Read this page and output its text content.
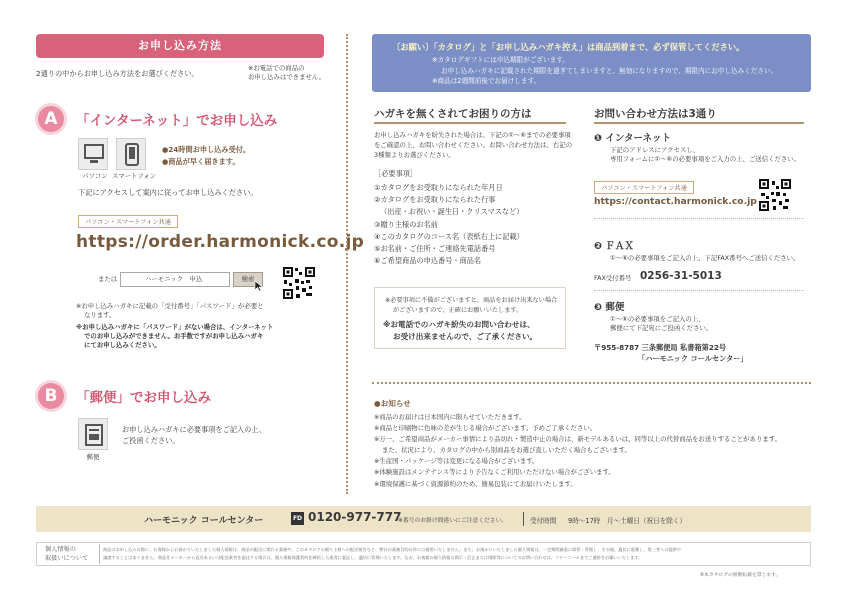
お申し込み方法
2通りの中からお申し込み方法をお選びください。
※お電話での商品の
お申し込みはできません。
A	「インターネット」でお申し込み
パソコン スマートフォン
●24時間お申し込み受付。
●商品が早く届きます。
下記にアクセスして案内に従ってお申し込みください。
パソコン・スマートフォン共通
https://order.harmonick.co.jp
または	ハーモニック　申込	検索
※お申し込みハガキに記載の「受付番号」「パスワード」が必要と
なります。
※お申し込みハガキに「パスワード」がない場合は、インターネット
でのお申し込みができません。お手数ですがお申し込みハガキ
にてお申し込みください。
B	「郵便」でお申し込み
郵便
お申し込みハガキに必要事項をご記入の上、
ご投函ください。
〔お願い〕「カタログ」と「お申し込みハガキ控え」は商品到着まで、必ず保管してください。
※カタログギフトには申込期限がございます。
お申し込みハガキに記載された期限を過ぎてしまいますと、無効になりますので、期限内にお申し込みください。
※商品は2週間前後でお届けします。
ハガキを無くされてお困りの方は
お申し込みハガキを紛失された場合は、下記の①～⑥までの必要事項
をご確認の上、お問い合わせください。お問い合わせ方法は、右記の
3種類よりお選びください。
［必要事項］
①カタログをお受取りになられた年月日
②カタログをお受取りになられた行事
（出産・お祝い・誕生日・クリスマスなど）
③贈り主様のお名前
④このカタログのコース名（表紙右上に記載）
⑤お名前・ご住所・ご連絡先電話番号
⑥ご希望商品の申込番号・商品名
※必要事項に不備がございますと、商品をお届け出来ない場合
がございますので、正確にお願いいたします。
※お電話でのハガキ紛失のお問い合わせは、
お受け出来ませんので、ご了承ください。
お問い合わせ方法は3通り
❶ インターネット
下記のアドレスにアクセスし、
専用フォームに①～⑥の必要事項をご入力の上、ご送信ください。
パソコン・スマートフォン共通
https://contact.harmonick.co.jp
❷ ＦＡＸ
①～⑥の必要事項をご記入の上、下記FAX番号へご送信ください。
FAX受付番号 0256-31-5013
❸ 郵便
①～⑥の必要事項をご記入の上、
郵便にて下記宛にご投函ください。
〒955-8787 三条郵便局 私書箱第22号
「ハーモニック コールセンター」
●お知らせ
※商品のお届けは日本国内に限らせていただきます。
※商品と印刷物に色味の差が生じる場合がございます。予めご了承ください。
※万一、ご希望商品がメーカー事情により品切れ・製造中止の場合は、新モデルあるいは、同等以上の代替商品をお送りすることがあります。
また、状況により、カタログの中から別商品をお選び直しいただく場合もございます。
※生産国・パッケージ等は変更になる場合がございます。
※体験施設はメンテナンス等により予告なくご利用いただけない場合がございます。
※環境保護に基づく資源節約のため、簡易包装にてお届けいたします。
ハーモニック コールセンター	FD 0120-977-777
※番号のお掛け間違いにご注意ください。	受付時間 9時～17時　月～土曜日（祝日を除く）
個人情報の
取扱いについて
商品のお申し込みの際に、お客様からお預かりいたしました個人情報は、商品の配送に関わる業務や、このカタログの贈り主様への配送報告など、弊社の業務目的以外には使用いたしません。また、お預かりいたしました個人情報は、一定期間厳重に保管・管理し、その後、適切に廃棄し、第三者への提供や
譲渡することはありません。商品をメーカーから直送あるいは配送業者を委託する場合は、個人情報保護契約を締結した業者に委託し、適切に管理いたします。なお、お客様の個人情報の開示・訂正または削除等についてのお問い合わせは、フリーコールまでご連絡をお願いいたします。
※本カタログの無断転載を禁じます。
